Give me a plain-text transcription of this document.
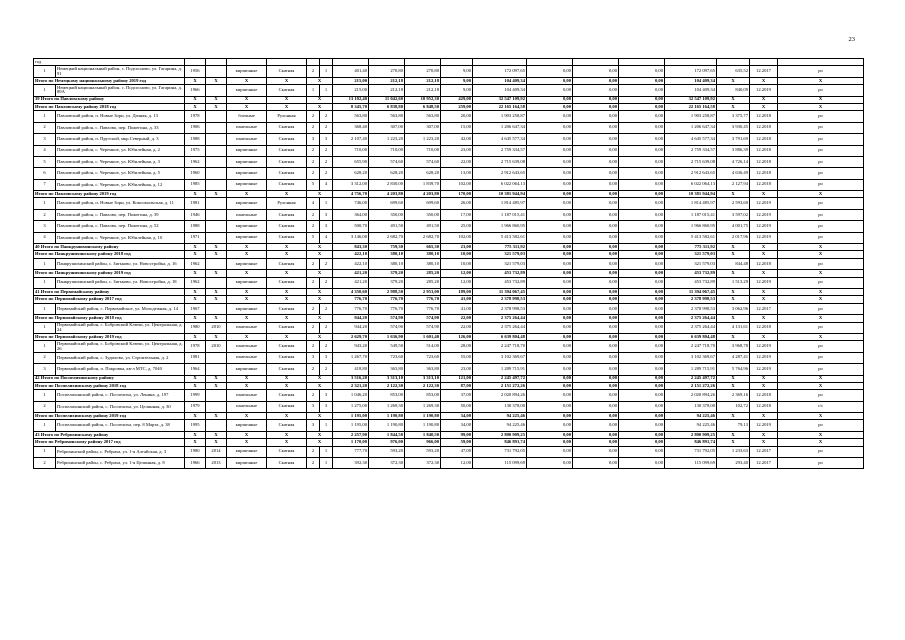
23
год																			
1	Немецкий национальный район, с. Подсосново, ул. Гагарина, д. 91	1956		кирпичные	Скатная	2	1	401,40	270,80	270,80	9,00	172 097,65	0,00	0,00	0,00	172 097,65	635,52	12.2017	ро
Итого по Немецкому национальному району 2019 год		X	X	X	X	X		215,00	212,18	212,18	9,00	104 409,34	0,00	0,00	0,00	104 409,34	X	X	X
1	Немецкий национальный район, с. Подсосново, ул. Гагарина, д. 89А	1966		кирпичные	Скатная	1	1	215,00	212,18	212,18	9,00	104 409,34	0,00	0,00	0,00	104 409,34	840,09	12.2019	ро
39 Итого по Павловскому району		X	X	X	X	X		13 102,40	11 042,60	10 952,30	429,00	32 547 109,92	0,00	0,00	0,00	32 547 109,92	X	X	X
Итого по Павловскому району 2018 год		X	X	X	X	X		8 345,70	6 838,80	6 848,50	259,00	22 165 164,58	0,00	0,00	0,00	22 165 164,58	X	X	X
1	Павловский район, п. Новые Зори, ул. Дачная, д. 13	1978		блочные	Рулонная	2	2	563,80	563,80	563,80	20,00	1 903 258,87	0,00	0,00	0,00	1 903 258,87	3 375,77	12.2018	ро
2	Павловский район, с. Павлово, пер. Пожегина, д. 33	1906		панельные	Скатная	2	2	368,40	307,00	307,00	15,00	1 206 647,34	0,00	0,00	0,00	1 206 647,34	3 930,45	12.2018	ро
3	Павловский район, п. Прутской, мкр.Северный, д. 3	1988		панельные	Скатная	3	3	2 107,40	1 223,20	1 223,20	42,00	4 645 577,34	0,00	0,00	0,00	4 645 577,34	3 791,69	12.2018	ро
4	Павловский район, с. Черемное, ул. Юбилейная, д. 2	1975		кирпичные	Скатная	2	2	710,00	710,00	710,00	23,00	2 759 334,57	0,00	0,00	0,00	2 759 334,57	3 886,39	12.2018	ро
5	Павловский район, с. Черемное, ул. Юбилейная, д. 3	1962		кирпичные	Скатная	2	2	655,90	574,60	574,60	22,00	2 715 639,08	0,00	0,00	0,00	2 715 639,08	4 726,14	12.2018	ро
6	Павловский район, с. Черемное, ул. Юбилейная, д. 5	1960		кирпичные	Скатная	2	2	628,20	628,20	628,20	13,00	2 912 643,65	0,00	0,00	0,00	2 912 643,65	4 636,49	12.2018	ро
7	Павловский район, с. Черемное, ул. Юбилейная, д. 12	1985		кирпичные	Скатная	5	4	3 312,00	2 830,00	1 839,70	102,00	6 022 064,13	0,00	0,00	0,00	6 022 064,13	2 127,94	12.2018	ро
Итого по Павловскому району 2019 год		X	X	X	X	X		4 756,70	4 203,80	4 203,80	170,00	10 381 944,94	0,00	0,00	0,00	10 381 944,94	X	X	X
1	Павловский район, п. Новые Зори, ул. Комсомольская, д. 11	1981		кирпичные	Рулонная	4	1	746,00	699,60	699,60	26,00	1 814 485,97	0,00	0,00	0,00	1 814 485,97	2 593,60	12.2019	ро
2	Павловский район, с. Павлово, пер. Пожегина, д. 39	1946		панельные	Скатная	2	3	364,00	350,00	350,00	17,00	1 187 015,41	0,00	0,00	0,00	1 187 015,41	3 597,02	12.2019	ро
3	Павловский район, с. Павлово, пер. Пожегина, д. 52	1988		кирпичные	Скатная	2	3	500,70	491,50	491,50	25,00	1 966 860,95	0,00	0,00	0,00	1 966 860,95	4 001,75	12.2019	ро
4	Павловский район, с. Черемное, ул. Юбилейная, д. 10	1971		кирпичные	Скатная	5	4	3 146,00	2 682,70	2 682,70	102,00	5 413 582,61	0,00	0,00	0,00	5 413 582,61	2 017,96	12.2019	ро
40 Итого по Панкрушихинскому району		X	X	X	X	X		843,30	759,30	665,30	23,00	775 311,92	0,00	0,00	0,00	775 311,92	X	X	X
Итого по Панкрушихинскому району 2018 год		X	X	X	X	X		422,10	380,10	380,10	10,00	321 579,03	0,00	0,00	0,00	321 579,03	X	X	X
1	Панкрушихинский район, с. Зятьково, ул. Новостройка, д. 16	1962		кирпичные	Скатная	2	2	422,10	380,10	380,10	10,00	321 579,03	0,00	0,00	0,00	321 579,03	844,48	12.2018	ро
Итого по Панкрушихинскому району 2019 год		X	X	X	X	X		421,20	379,20	285,20	12,00	453 732,89	0,00	0,00	0,00	453 732,89	X	X	X
1	Панкрушихинский район, с. Зятьково, ул. Новостройка, д. 18	1962		кирпичные	Скатная	2	2	421,20	379,20	285,20	12,00	453 732,89	0,00	0,00	0,00	453 732,89	1 513,29	12.2019	ро
41 Итого по Первомайскому району		X	X	X	X	X		4 350,60	2 988,50	2 953,00	189,00	11 394 067,45	0,00	0,00	0,00	11 394 067,45	X	X	X
Итого по Первомайскому району 2017 год		X	X	X	X	X		776,70	776,70	776,70	41,00	2 378 998,53	0,00	0,00	0,00	2 378 998,53	X	X	X
1	Первомайский район, с. Первомайское, ул. Молодежная, д. 14	1967		кирпичные	Скатная	2	2	776,70	776,70	776,70	41,00	2 378 998,53	0,00	0,00	0,00	2 378 998,53	3 062,96	12.2017	ро
Итого по Первомайскому району 2018 год		X	X	X	X	X		944,20	574,90	574,90	22,00	2 375 264,44	0,00	0,00	0,00	2 375 264,44	X	X	X
1	Первомайский район, с. Бобровский Ключи, ул. Центральная, д. 24	1980	2010	панельные	Скатная	2	2	944,20	574,90	574,90	22,00	2 375 264,44	0,00	0,00	0,00	2 375 264,44	4 131,61	12.2018	ро
Итого по Первомайскому району 2019 год		X	X	X	X	X		2 629,70	1 636,90	1 601,40	126,00	6 639 804,48	0,00	0,00	0,00	6 639 804,48	X	X	X
1	Первомайский район, с. Бобровский Ключи, ул. Центральная, д. 26	1978	2010	панельные	Скатная	2	2	943,20	549,50	514,00	28,00	2 247 718,70	0,00	0,00	0,00	2 247 718,70	3 968,78	12.2019	ро
2	Первомайский район, с. Зудилово, ул. Строительная, д. 2	1981		панельные	Скатная	3	3	1 267,70	723,60	723,60	55,00	3 102 369,67	0,00	0,00	0,00	3 102 369,67	4 287,41	12.2019	ро
3	Первомайский район, п. Покровка, кв-л МТС, д. 7040	1964		кирпичные	Скатная	2	2	418,80	363,80	363,80	23,00	1 289 715,91	0,00	0,00	0,00	1 289 715,91	5 764,96	12.2019	ро
42 Итого по Поспелихинскому району		X	X	X	X	X		3 516,20	3 313,10	3 313,10	121,00	2 245 497,72	0,00	0,00	0,00	2 245 497,72	X	X	X
Итого по Поспелихинскому району 2018 год		X	X	X	X	X		2 321,20	2 122,30	2 122,30	87,00	2 151 272,26	0,00	0,00	0,00	2 151 272,26	X	X	X
1	Поспелихинский район, с. Поспелиха, ул. Ленина, д. 197	1999		панельные	Скатная	2	3	1 046,20	853,00	853,00	37,00	2 020 894,26	0,00	0,00	0,00	2 020 894,26	2 369,16	12.2018	ро
2	Поспелихинский район, с. Поспелиха, ул. Целинная, д. 30	1979		панельные	Скатная	3	3	1 275,00	1 269,30	1 269,30	50,00	130 378,00	0,00	0,00	0,00	130 378,00	102,72	12.2018	с/с
Итого по Поспелихинскому району 2019 год		X	X	X	X	X		1 195,00	1 190,80	1 190,80	34,00	94 225,46	0,00	0,00	0,00	94 225,46	X	X	X
1	Поспелихинский район, с. Поспелиха, пер. 8 Марта, д. 38	1995		кирпичные	Скатная	3	1	1 195,00	1 190,80	1 190,80	34,00	94 225,46	0,00	0,00	0,00	94 225,46	79,13	12.2019	ро
43 Итого по Ребрихинскому району		X	X	X	X	X		2 257,90	1 844,50	1 840,50	99,00	2 800 909,25	0,00	0,00	0,00	2 800 909,25	X	X	X
Итого по Ребрихинскому району 2017 год		X	X	X	X	X		1 170,00	976,00	966,00	59,00	846 891,74	0,00	0,00	0,00	846 891,74	X	X	X
1	Ребрихинский район, с. Ребриха, ул. 1-я Алтайская, д. 3	1980	2014	кирпичные	Скатная	2	1	777,70	593,20	593,20	47,00	731 792,05	0,00	0,00	0,00	731 792,05	1 233,63	12.2017	ро
2	Ребрихинский район, с. Ребриха, ул. 1-я Целинная, д. 8	1966	2013	кирпичные	Скатная	2	1	392,30	372,30	372,30	12,00	115 099,69	0,00	0,00	0,00	115 099,69	293,40	12.2017	ро
